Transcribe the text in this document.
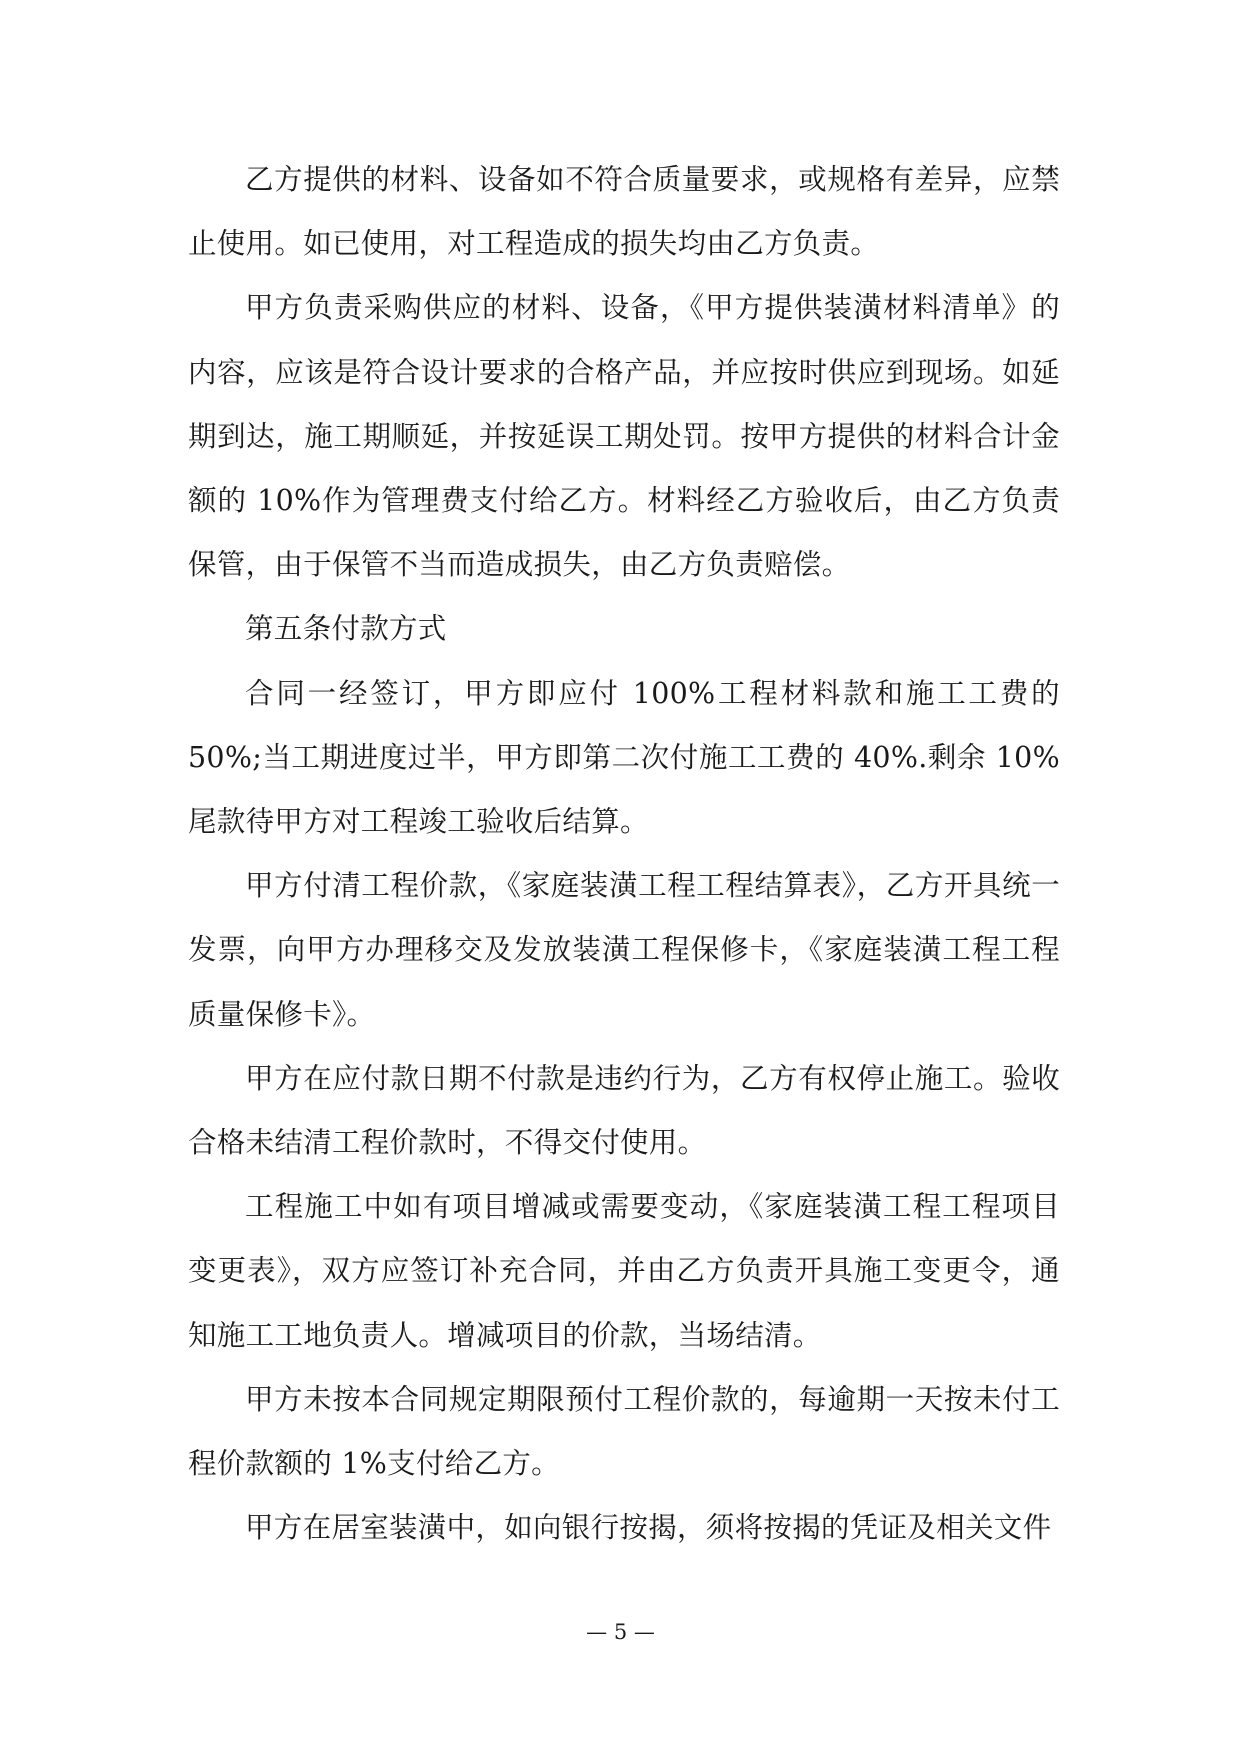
乙方提供的材料、设备如不符合质量要求，或规格有差异，应禁止使用。如已使用，对工程造成的损失均由乙方负责。

甲方负责采购供应的材料、设备，《甲方提供装潢材料清单》的内容，应该是符合设计要求的合格产品，并应按时供应到现场。如延期到达，施工期顺延，并按延误工期处罚。按甲方提供的材料合计金额的 10%作为管理费支付给乙方。材料经乙方验收后，由乙方负责保管，由于保管不当而造成损失，由乙方负责赔偿。

第五条付款方式

合同一经签订，甲方即应付 100%工程材料款和施工工费的 50%;当工期进度过半，甲方即第二次付施工工费的 40%.剩余 10%尾款待甲方对工程竣工验收后结算。

甲方付清工程价款，《家庭装潢工程工程结算表》，乙方开具统一发票，向甲方办理移交及发放装潢工程保修卡，《家庭装潢工程工程质量保修卡》。

甲方在应付款日期不付款是违约行为，乙方有权停止施工。验收合格未结清工程价款时，不得交付使用。

工程施工中如有项目增减或需要变动，《家庭装潢工程工程项目变更表》，双方应签订补充合同，并由乙方负责开具施工变更令，通知施工工地负责人。增减项目的价款，当场结清。

甲方未按本合同规定期限预付工程价款的，每逾期一天按未付工程价款额的 1%支付给乙方。

甲方在居室装潢中，如向银行按揭，须将按揭的凭证及相关文件

— 5 —
